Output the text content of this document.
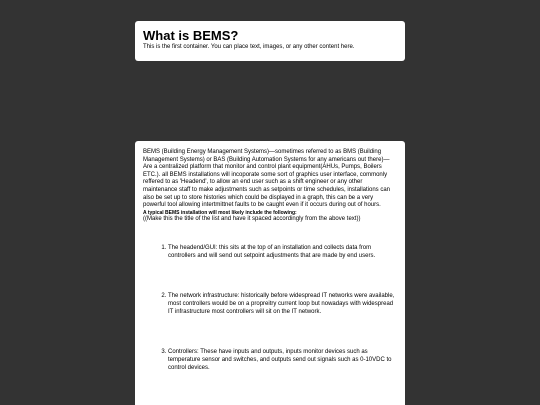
What is BEMS?

This is the first container. You can place text, images, or any other content here.

BEMS (Building Energy Management Systems)—sometimes referred to as BMS (Building Management Systems) or BAS (Building Automation Systems for any americans out there)— Are a centralized platform that monitor and control plant equipment(AHUs, Pumps, Boilers ETC.). all BEMS installations will incoporate some sort of graphics user interface, commonly reffered to as 'Headend', to allow an end user such as a shift engineer or any other maintenance staff to make adjustments such as setpoints or time schedules, installations can also be set up to store histories which could be displayed in a graph, this can be a very powerful tool allowing intertmittnet faults to be caught even if it occurs during out of hours.

A typical BEMS installation will most likely include the following:

((Make this the title of the list and have it spaced accordingly from the above text))

1. The headend/GUI: this sits at the top of an installation and collects data from controllers and will send out setpoint adjustments that are made by end users.
2. The network infrastructure: historically before widespread IT networks were available, most controllers would be on a propreitry current loop but nowadays with widespread IT infrastructure most controllers will sit on the IT network.
3. Controllers: These have inputs and outputs, inputs monitor devices such as temperature sensor and switches, and outputs send out signals such as 0-10VDC to control devices.
